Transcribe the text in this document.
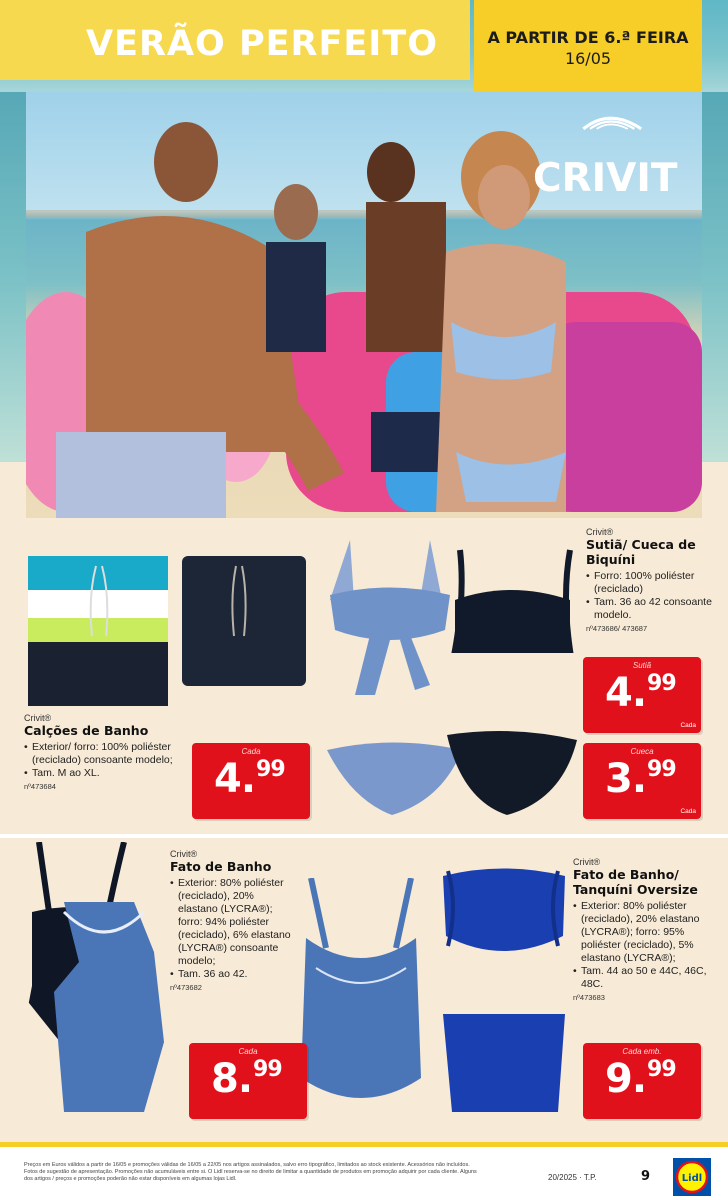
VERÃO PERFEITO	A PARTIR DE 6.ª FEIRA
16/05
CRIVIT
Crivit®
Sutiã/ Cueca de Biquíni
• Forro: 100% poliéster (reciclado)
• Tam. 36 ao 42 consoante modelo.
nº473686/ 473687
Sutiã
4.99
Cada
Cueca
3.99
Cada
Crivit®
Calções de Banho
• Exterior/ forro: 100% poliéster (reciclado) consoante modelo;
• Tam. M ao XL.
nº473684
Cada
4.99
Crivit®
Fato de Banho
• Exterior: 80% poliéster (reciclado), 20% elastano (LYCRA®); forro: 94% poliéster (reciclado), 6% elastano (LYCRA®) consoante modelo;
• Tam. 36 ao 42.
nº473682
Cada
8.99
Crivit®
Fato de Banho/ Tanquíni Oversize
• Exterior: 80% poliéster (reciclado), 20% elastano (LYCRA®); forro: 95% poliéster (reciclado), 5% elastano (LYCRA®);
• Tam. 44 ao 50 e 44C, 46C, 48C.
nº473683
Cada emb.
9.99
Preços em Euros válidos a partir de 16/05 e promoções válidas de 16/05 a 22/05 nos artigos assinalados, salvo erro tipográfico, limitados ao stock existente. Acessórios não incluídos. Fotos de sugestão de apresentação. Promoções não acumuláveis entre si. O Lidl reserva-se no direito de limitar a quantidade de produtos em promoção adquirir por cada cliente. Alguns dos artigos / preços e promoções poderão não estar disponíveis em algumas lojas Lidl.	20/2025 · T.P.	9	Lidl
